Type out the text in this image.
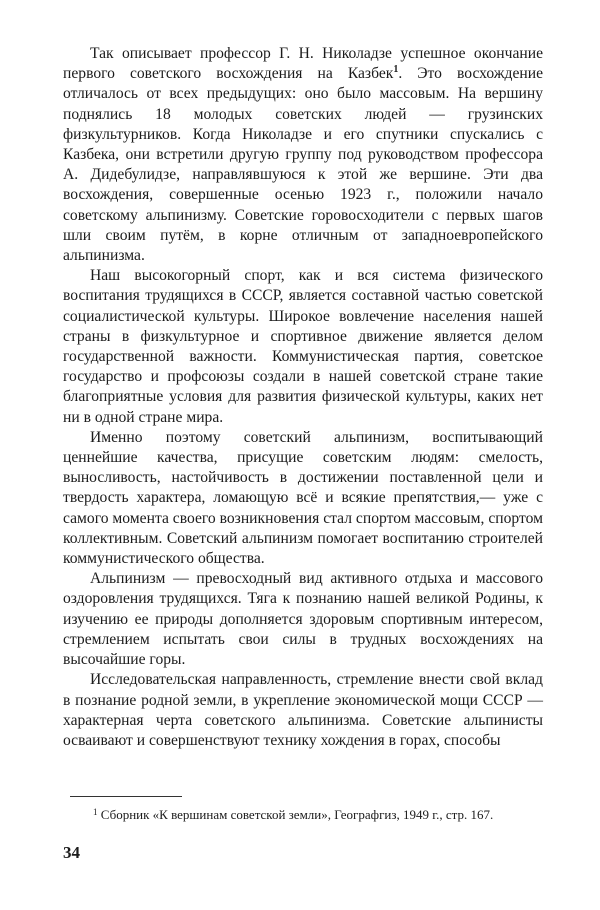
Так описывает профессор Г. Н. Николадзе успешное окончание первого советского восхождения на Казбек$^1$. Это восхождение отличалось от всех предыдущих: оно было массовым. На вершину поднялись 18 молодых советских людей — грузинских физкультурников. Когда Николадзе и его спутники спускались с Казбека, они встретили другую группу под руководством профессора А. Дидебулидзе, направлявшуюся к этой же вершине. Эти два восхождения, совершенные осенью 1923 г., положили начало советскому альпинизму. Советские горовосходители с первых шагов шли своим путём, в корне отличным от западноевропейского альпинизма.

Наш высокогорный спорт, как и вся система физического воспитания трудящихся в СССР, является составной частью советской социалистической культуры. Широкое вовлечение населения нашей страны в физкультурное и спортивное движение является делом государственной важности. Коммунистическая партия, советское государство и профсоюзы создали в нашей советской стране такие благоприятные условия для развития физической культуры, каких нет ни в одной стране мира.

Именно поэтому советский альпинизм, воспитывающий ценнейшие качества, присущие советским людям: смелость, выносливость, настойчивость в достижении поставленной цели и твердость характера, ломающую всё и всякие препятствия,— уже с самого момента своего возникновения стал спортом массовым, спортом коллективным. Советский альпинизм помогает воспитанию строителей коммунистического общества.

Альпинизм — превосходный вид активного отдыха и массового оздоровления трудящихся. Тяга к познанию нашей великой Родины, к изучению ее природы дополняется здоровым спортивным интересом, стремлением испытать свои силы в трудных восхождениях на высочайшие горы.

Исследовательская направленность, стремление внести свой вклад в познание родной земли, в укрепление экономической мощи СССР — характерная черта советского альпинизма. Советские альпинисты осваивают и совершенствуют технику хождения в горах, способы

$^1$ Сборник «К вершинам советской земли», Географгиз, 1949 г., стр. 167.

34
